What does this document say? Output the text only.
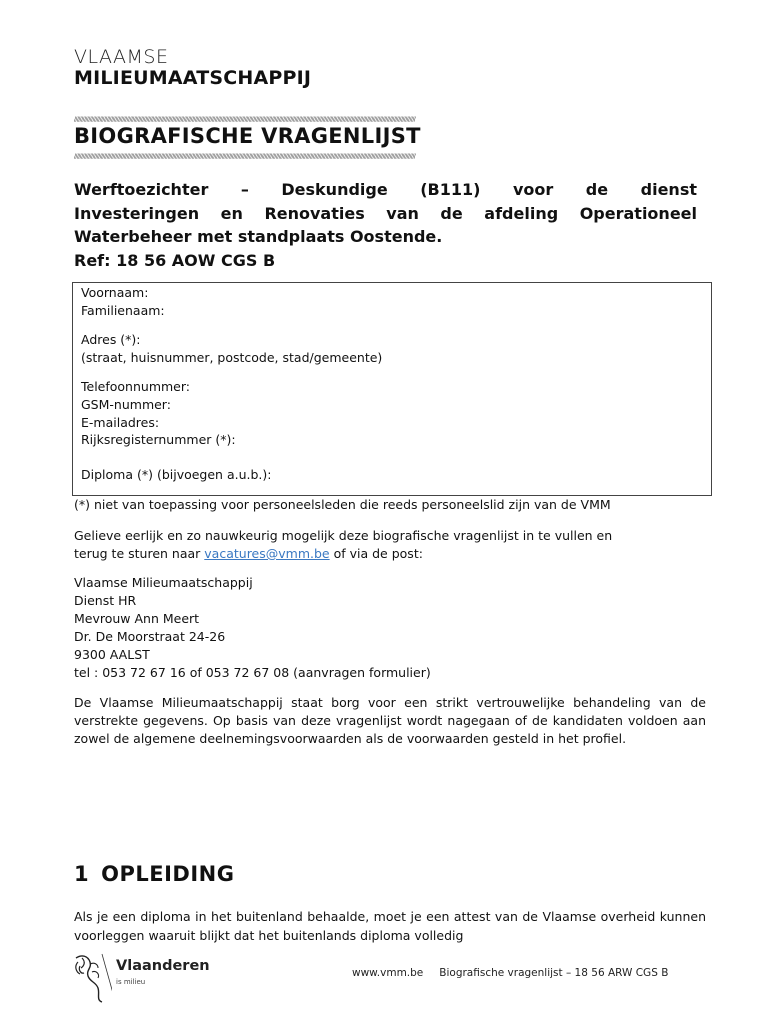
VLAAMSE
MILIEUMAATSCHAPPIJ
////////////////////////////////////////////////////////////////////////////////////////////////////////////////////////////////////////////////////////////////////////////////////////////////////////////////////////////////////////////////
BIOGRAFISCHE VRAGENLIJST
////////////////////////////////////////////////////////////////////////////////////////////////////////////////////////////////////////////////////////////////////////////////////////////////////////////////////////////////////////////////
Werftoezichter – Deskundige (B111) voor de dienst
Investeringen en Renovaties van de afdeling Operationeel
Waterbeheer met standplaats Oostende.
Ref: 18 56 AOW CGS B
Voornaam:
Familienaam:
Adres (*):
(straat, huisnummer, postcode, stad/gemeente)
Telefoonnummer:
GSM-nummer:
E-mailadres:
Rijksregisternummer (*):
Diploma (*) (bijvoegen a.u.b.):
(*) niet van toepassing voor personeelsleden die reeds personeelslid zijn van de VMM
Gelieve eerlijk en zo nauwkeurig mogelijk deze biografische vragenlijst in te vullen en
terug te sturen naar vacatures@vmm.be of via de post:
Vlaamse Milieumaatschappij
Dienst HR
Mevrouw Ann Meert
Dr. De Moorstraat 24-26
9300 AALST
tel : 053 72 67 16 of 053 72 67 08 (aanvragen formulier)
De Vlaamse Milieumaatschappij staat borg voor een strikt vertrouwelijke behandeling van de verstrekte gegevens. Op basis van deze vragenlijst wordt nagegaan of de kandidaten voldoen aan zowel de algemene deelnemingsvoorwaarden als de voorwaarden gesteld in het profiel.
1 OPLEIDING
Als je een diploma in het buitenland behaalde, moet je een attest van de Vlaamse overheid kunnen voorleggen waaruit blijkt dat het buitenlands diploma volledig
Vlaanderen
is milieu
www.vmm.be Biografische vragenlijst – 18 56 ARW CGS B
